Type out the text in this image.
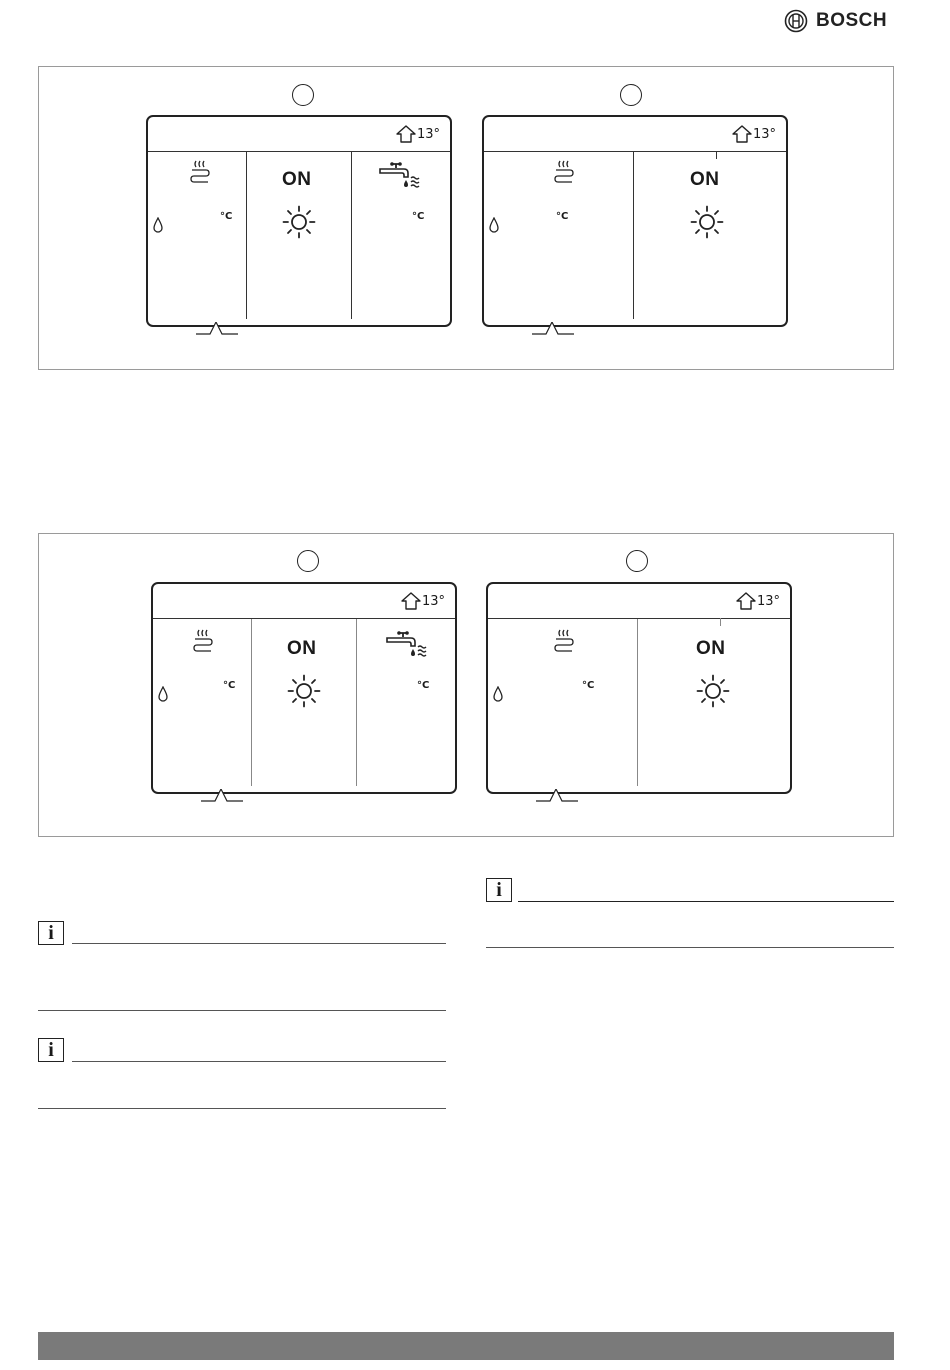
BOSCH
13°
°C
ON
°C
13°
°C
ON
13°
°C
ON
°C
13°
°C
ON
i
i
i
